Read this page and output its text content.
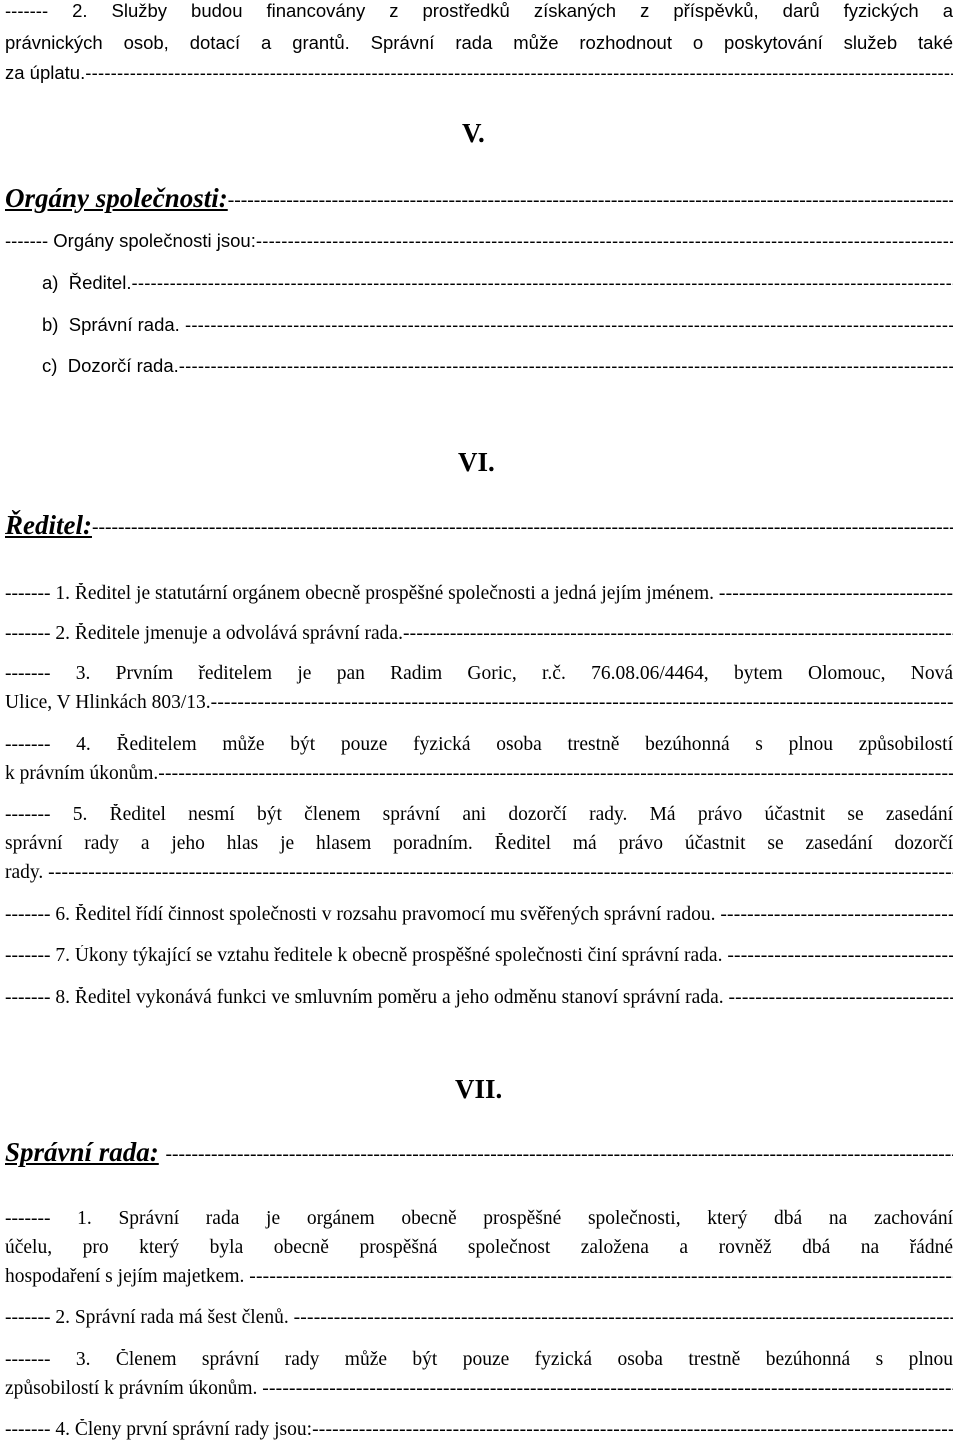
------- 2. Služby budou financovány z prostředků získaných z příspěvků, darů fyzických a
právnických osob, dotací a grantů. Správní rada může rozhodnout o poskytování služeb také
za úplatu. -----
V.
Orgány společnosti: -----
------- Orgány společnosti jsou: -----
a) Ředitel. -----
b) Správní rada.  -----
c) Dozorčí rada. -----
VI.
Ředitel: -----
------- 1. Ředitel je statutární orgánem obecně prospěšné společnosti a jedná jejím jménem.  -----
------- 2. Ředitele jmenuje a odvolává správní rada. -----
------- 3. Prvním ředitelem je pan Radim Goric, r.č. 76.08.06/4464, bytem Olomouc, Nová
Ulice, V Hlinkách 803/13. -----
------- 4. Ředitelem může být pouze fyzická osoba trestně bezúhonná s plnou způsobilostí
k právním úkonům. -----
------- 5. Ředitel nesmí být členem správní ani dozorčí rady. Má právo účastnit se zasedání
správní rady a jeho hlas je hlasem poradním. Ředitel má právo účastnit se zasedání dozorčí
rady.  -----
------- 6. Ředitel řídí činnost společnosti v rozsahu pravomocí mu svěřených správní radou.  -----
------- 7. Úkony týkající se vztahu ředitele k obecně prospěšné společnosti činí správní rada.  -----
------- 8. Ředitel vykonává funkci ve smluvním poměru a jeho odměnu stanoví správní rada.  -----
VII.
Správní rada:  -----
------- 1. Správní rada je orgánem obecně prospěšné společnosti, který dbá na zachování
účelu, pro který byla obecně prospěšná společnost založena a rovněž dbá na řádné
hospodaření s jejím majetkem.  -----
------- 2. Správní rada má šest členů.  -----
------- 3. Členem správní rady může být pouze fyzická osoba trestně bezúhonná s plnou
způsobilostí k právním úkonům.  -----
------- 4. Členy první správní rady jsou: -----
